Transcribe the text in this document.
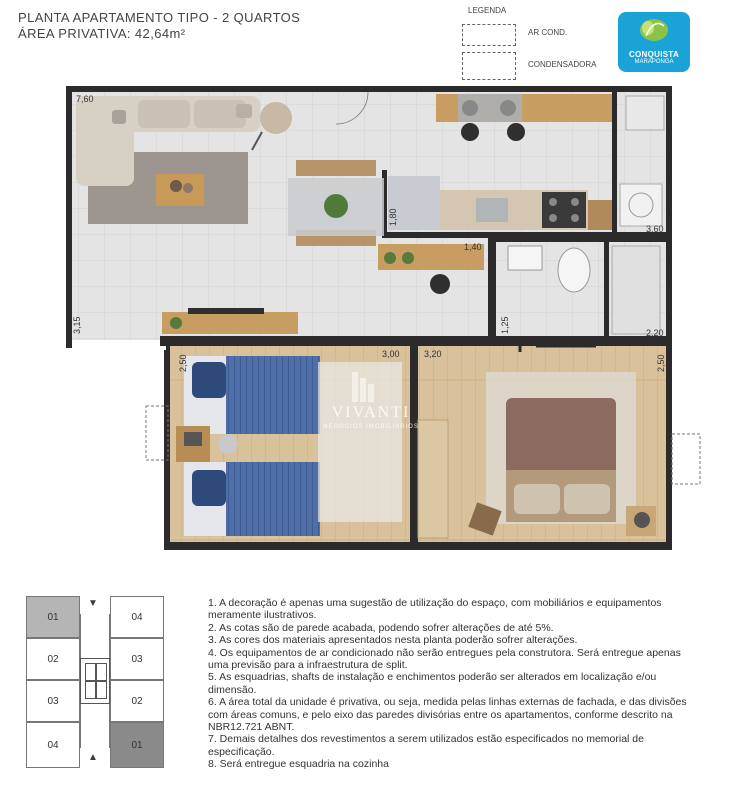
PLANTA APARTAMENTO TIPO - 2 QUARTOS
ÁREA PRIVATIVA: 42,64m²
LEGENDA
AR COND.
CONDENSADORA
CONQUISTA
MARAPONGA
VIVANTI
NEGÓCIOS IMOBILIÁRIOS
7,60
3,15
1,80
1,40
3,60
1,25	2,20
2,50
3,00	3,20
2,50
01
02
03
04
04
03
02
01
▼
▲
1. A decoração é apenas uma sugestão de utilização do espaço, com mobiliários e equipamentos meramente ilustrativos.
2. As cotas são de parede acabada, podendo sofrer alterações de até 5%.
3. As cores dos materiais apresentados nesta planta poderão sofrer alterações.
4. Os equipamentos de ar condicionado não serão entregues pela construtora. Será entregue apenas uma previsão para a infraestrutura de split.
5. As esquadrias, shafts de instalação e enchimentos poderão ser alterados em localização e/ou dimensão.
6. A área total da unidade é privativa, ou seja, medida pelas linhas externas de fachada, e das divisões com áreas comuns, e pelo eixo das paredes divisórias entre os apartamentos, conforme descrito na NBR12.721 ABNT.
7. Demais detalhes dos revestimentos a serem utilizados estão especificados no memorial de especificação.
8. Será entregue esquadria na cozinha
